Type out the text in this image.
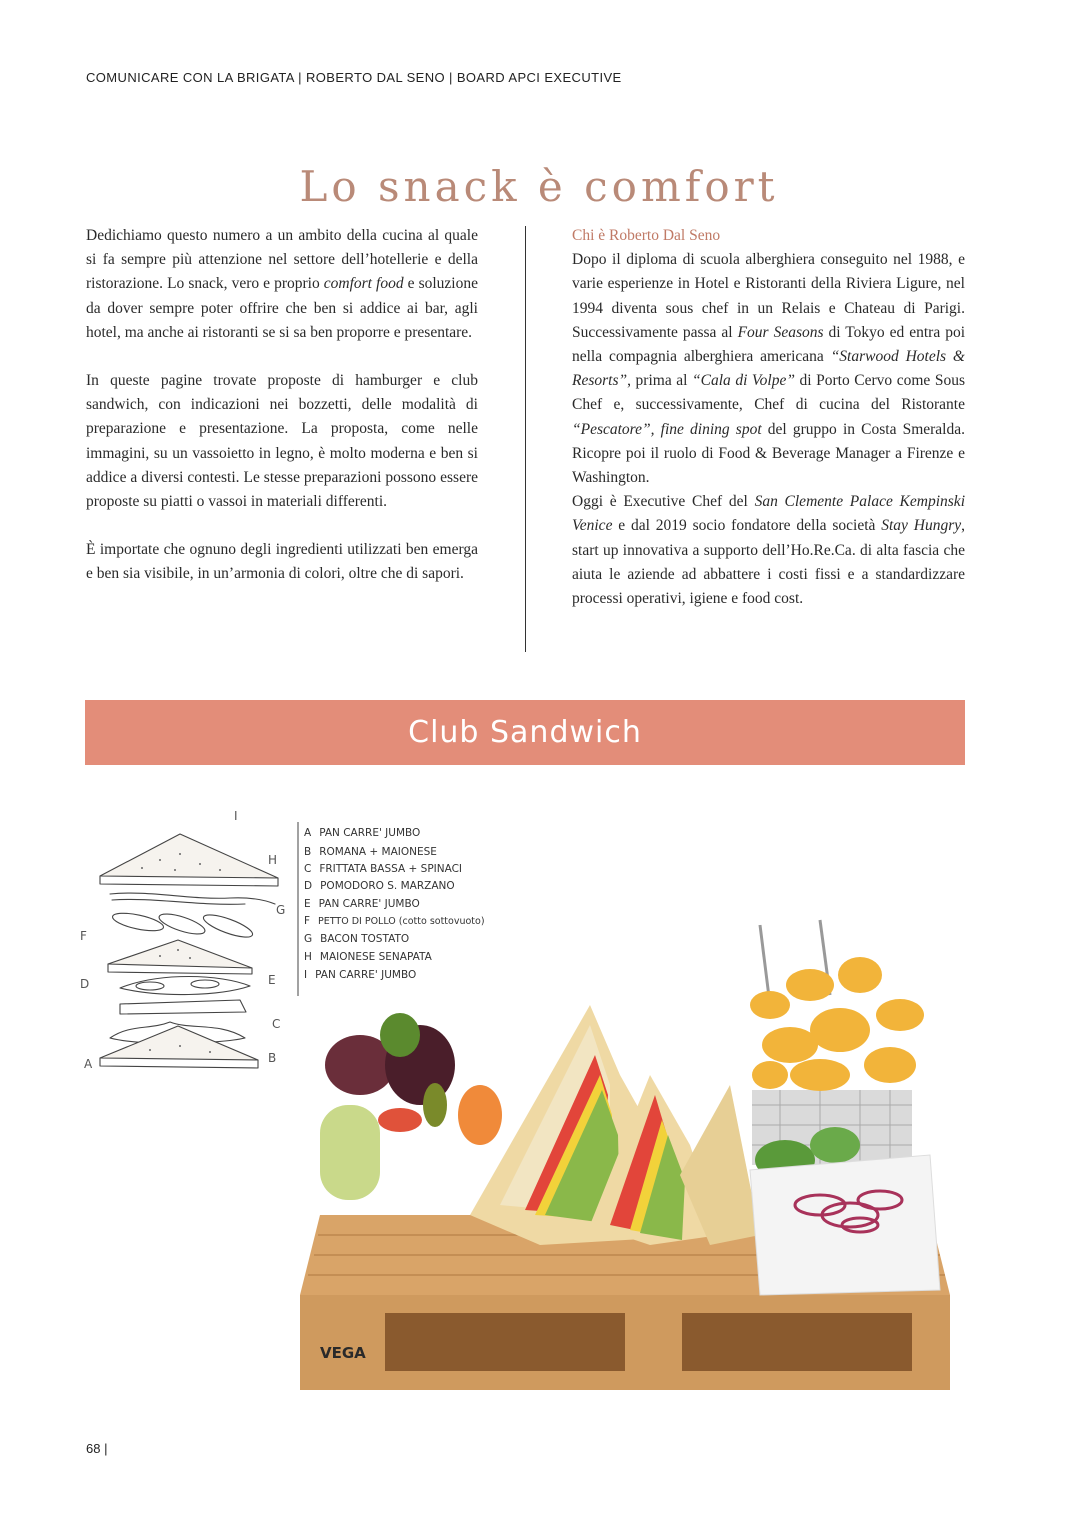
COMUNICARE CON LA BRIGATA | ROBERTO DAL SENO | BOARD APCI EXECUTIVE
Lo snack è comfort

Dedichiamo questo numero a un ambito della cucina al quale si fa sempre più attenzione nel settore dell’hotellerie e della ristorazione. Lo snack, vero e proprio comfort food e soluzione da dover sempre poter offrire che ben si addice ai bar, agli hotel, ma anche ai ristoranti se si sa ben proporre e presentare.

In queste pagine trovate proposte di hamburger e club sandwich, con indicazioni nei bozzetti, delle modalità di preparazione e presentazione. La proposta, come nelle immagini, su un vassoietto in legno, è molto moderna e ben si addice a diversi contesti. Le stesse preparazioni possono essere proposte su piatti o vassoi in materiali differenti.

È importate che ognuno degli ingredienti utilizzati ben emerga e ben sia visibile, in un’armonia di colori, oltre che di sapori.

Chi è Roberto Dal Seno

Dopo il diploma di scuola alberghiera conseguito nel 1988, e varie esperienze in Hotel e Ristoranti della Riviera Ligure, nel 1994 diventa sous chef in un Relais e Chateau di Parigi. Successivamente passa al Four Seasons di Tokyo ed entra poi nella compagnia alberghiera americana “Starwood Hotels & Resorts”, prima al “Cala di Volpe” di Porto Cervo come Sous Chef e, successivamente, Chef di cucina del Ristorante “Pescatore”, fine dining spot del gruppo in Costa Smeralda. Ricopre poi il ruolo di Food & Beverage Manager a Firenze e Washington.

Oggi è Executive Chef del San Clemente Palace Kempinski Venice e dal 2019 socio fondatore della società Stay Hungry, start up innovativa a supporto dell’Ho.Re.Ca. di alta fascia che aiuta le aziende ad abbattere i costi fissi e a standardizzare processi operativi, igiene e food cost.

Club Sandwich
I
H
G
F
E
D
C
B
A
A PAN CARRE' JUMBO
B ROMANA + MAIONESE
C FRITTATA BASSA + SPINACI
D POMODORO S. MARZANO
E PAN CARRE' JUMBO
F PETTO DI POLLO (cotto sottovuoto)
G BACON TOSTATO
H MAIONESE SENAPATA
I PAN CARRE' JUMBO
VEGA
68 |
